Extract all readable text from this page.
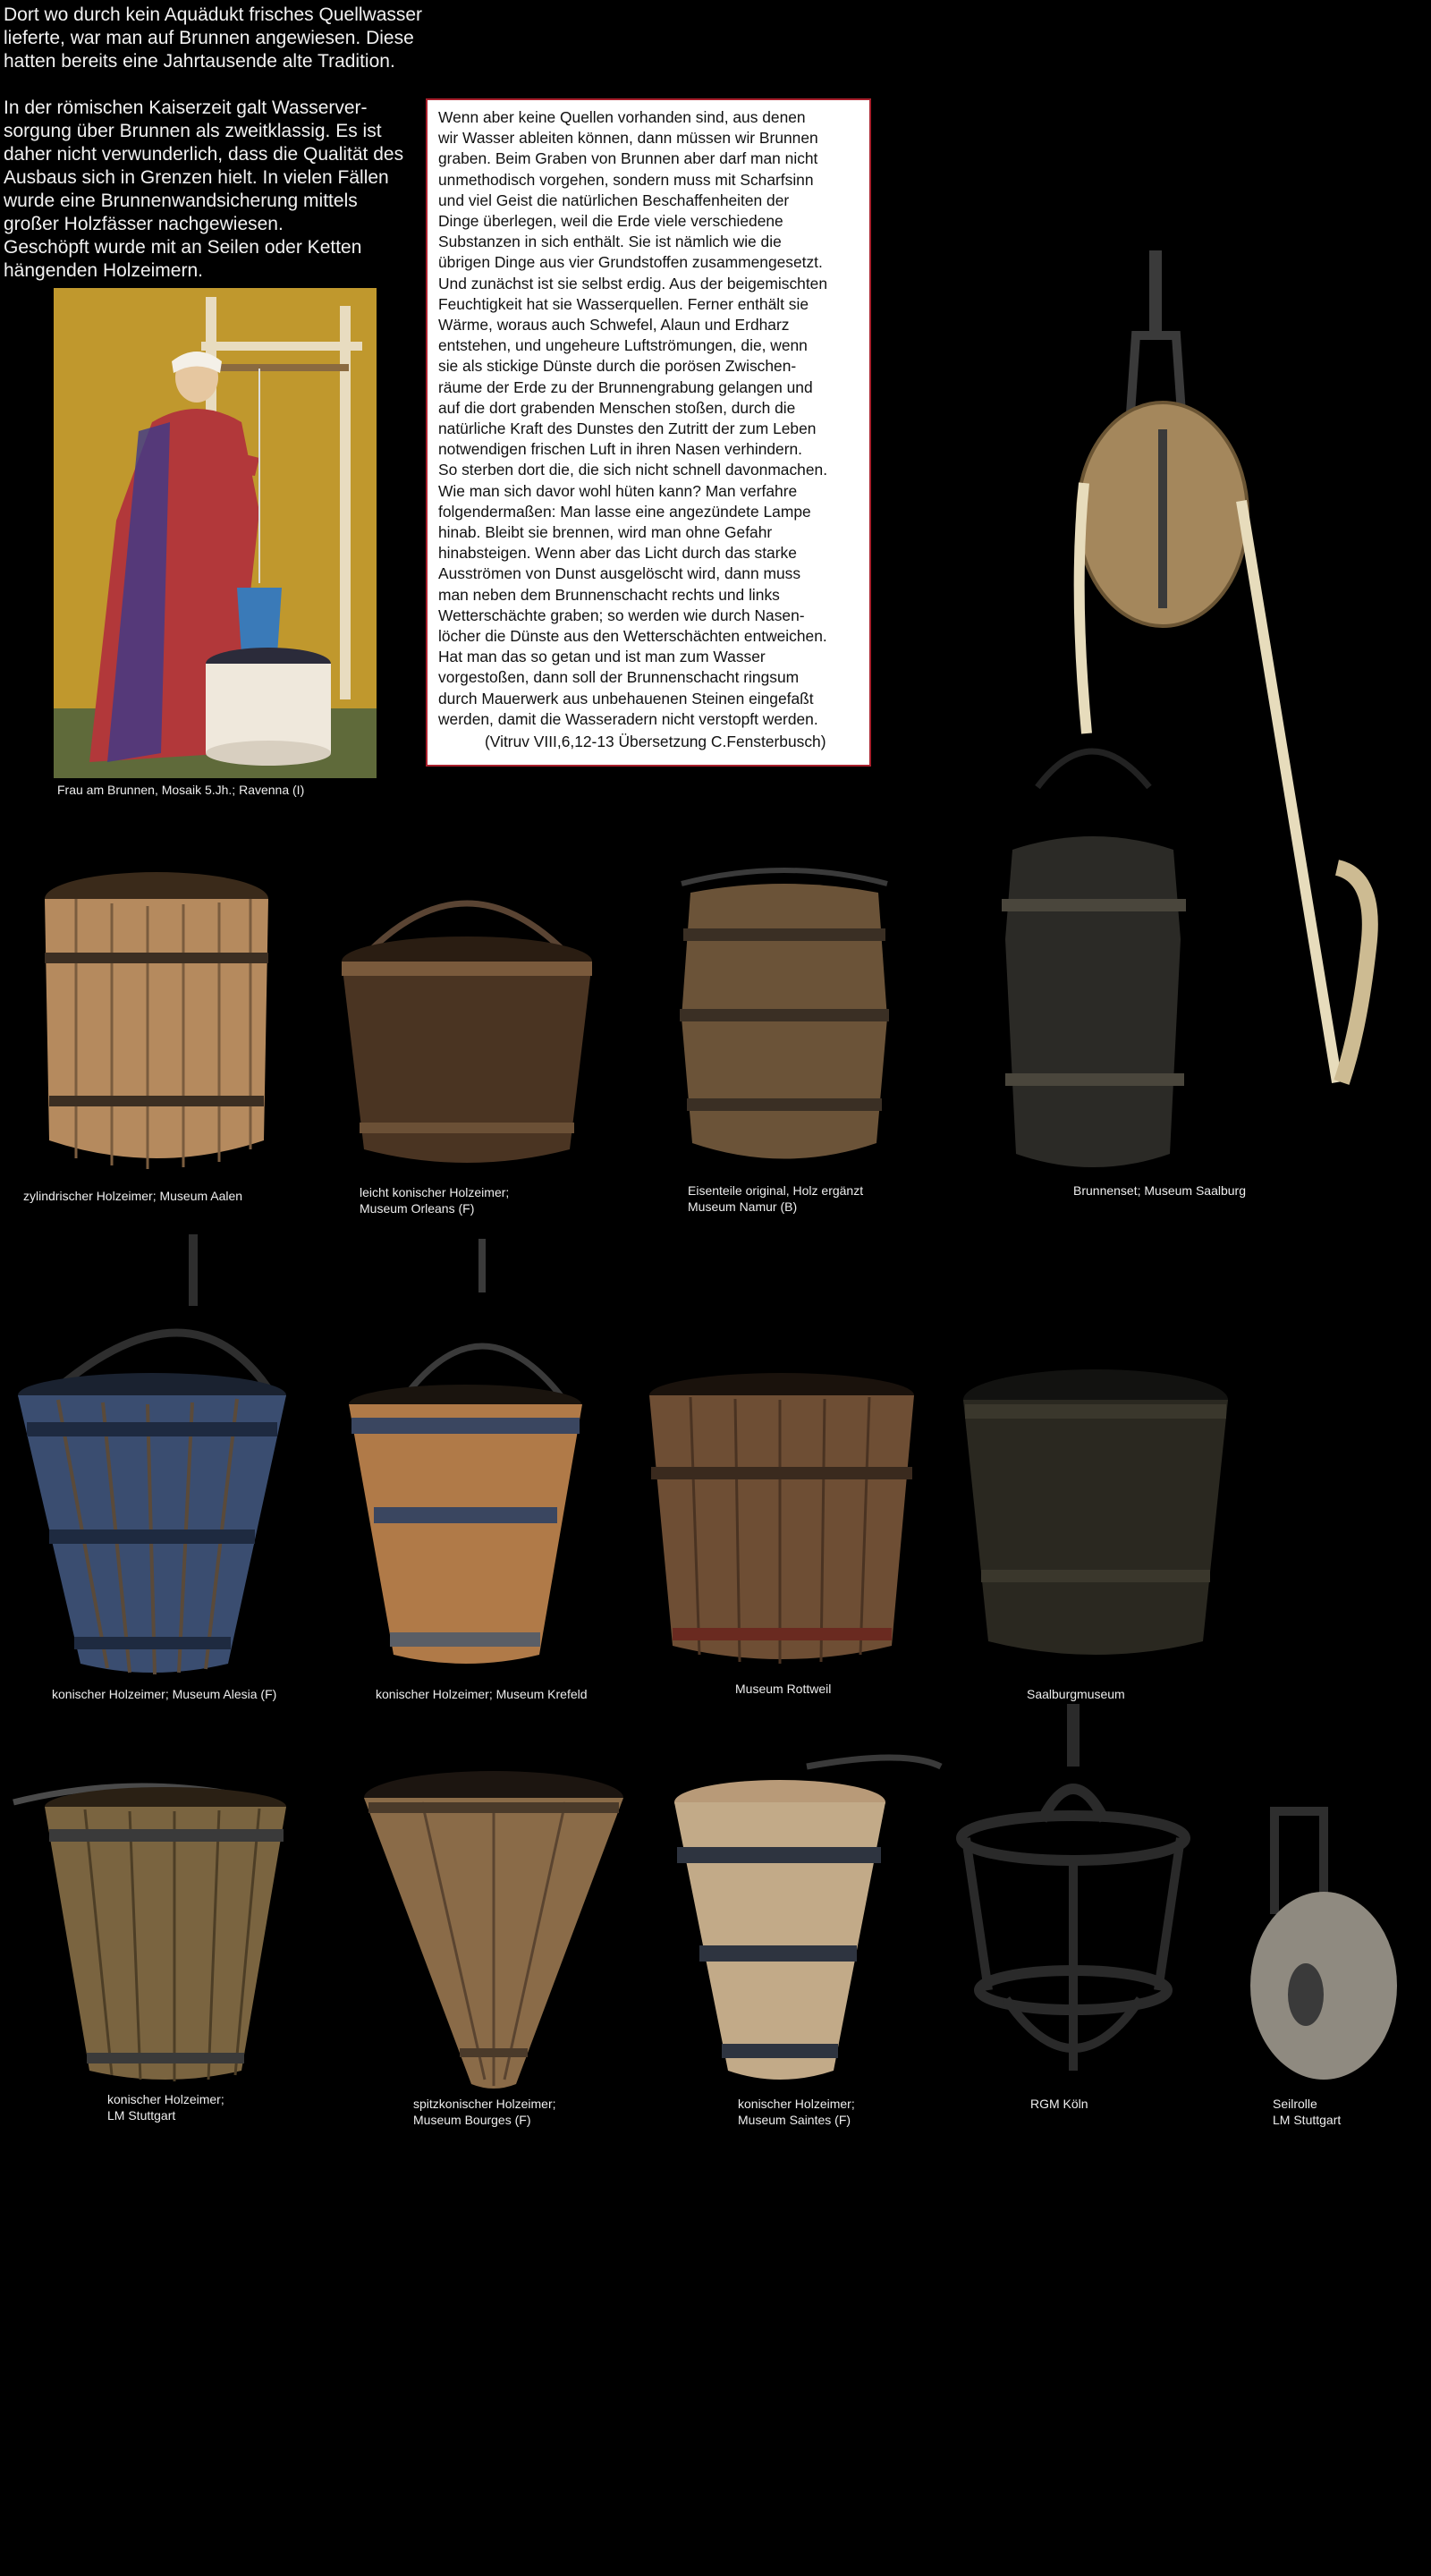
Dort wo durch kein Aquädukt frisches Quellwasser
lieferte, war man auf Brunnen angewiesen. Diese
hatten bereits eine Jahrtausende alte Tradition.
In der römischen Kaiserzeit galt Wasserver-
sorgung über Brunnen als zweitklassig. Es ist
daher nicht verwunderlich, dass die Qualität des
Ausbaus sich in Grenzen hielt. In vielen Fällen
wurde eine Brunnenwandsicherung mittels
großer Holzfässer nachgewiesen.
Geschöpft wurde mit an Seilen oder Ketten
hängenden Holzeimern.
Frau am Brunnen, Mosaik 5.Jh.; Ravenna (I)

Wenn aber keine Quellen vorhanden sind, aus denen
wir Wasser ableiten können, dann müssen wir Brunnen
graben. Beim Graben von Brunnen aber darf man nicht
unmethodisch vorgehen, sondern muss mit Scharfsinn
und viel Geist die natürlichen Beschaffenheiten der
Dinge überlegen, weil die Erde viele verschiedene
Substanzen in sich enthält. Sie ist nämlich wie die
übrigen Dinge aus vier Grundstoffen zusammengesetzt.
Und zunächst ist sie selbst erdig. Aus der beigemischten
Feuchtigkeit hat sie Wasserquellen. Ferner enthält sie
Wärme, woraus auch Schwefel, Alaun und Erdharz
entstehen, und ungeheure Luftströmungen, die, wenn
sie als stickige Dünste durch die porösen Zwischen-
räume der Erde zu der Brunnengrabung gelangen und
auf die dort grabenden Menschen stoßen, durch die
natürliche Kraft des Dunstes den Zutritt der zum Leben
notwendigen frischen Luft in ihren Nasen verhindern.
So sterben dort die, die sich nicht schnell davonmachen.
Wie man sich davor wohl hüten kann? Man verfahre
folgendermaßen: Man lasse eine angezündete Lampe
hinab. Bleibt sie brennen, wird man ohne Gefahr
hinabsteigen. Wenn aber das Licht durch das starke
Ausströmen von Dunst ausgelöscht wird, dann muss
man neben dem Brunnenschacht rechts und links
Wetterschächte graben; so werden wie durch Nasen-
löcher die Dünste aus den Wetterschächten entweichen.
Hat man das so getan und ist man zum Wasser
vorgestoßen, dann soll der Brunnenschacht ringsum
durch Mauerwerk aus unbehauenen Steinen eingefaßt
werden, damit die Wasseradern nicht verstopft werden.

(Vitruv VIII,6,12-13 Übersetzung C.Fensterbusch)

Brunnenset; Museum Saalburg
zylindrischer Holzeimer; Museum Aalen	leicht konischer Holzeimer;
Museum Orleans (F)
Eisenteile original, Holz ergänzt
Museum Namur (B)
konischer Holzeimer; Museum Alesia (F)	konischer Holzeimer; Museum Krefeld	Museum Rottweil	Saalburgmuseum
konischer Holzeimer;
LM Stuttgart
spitzkonischer Holzeimer;
Museum Bourges (F)
konischer Holzeimer;
Museum Saintes (F)
RGM Köln	Seilrolle
LM Stuttgart
